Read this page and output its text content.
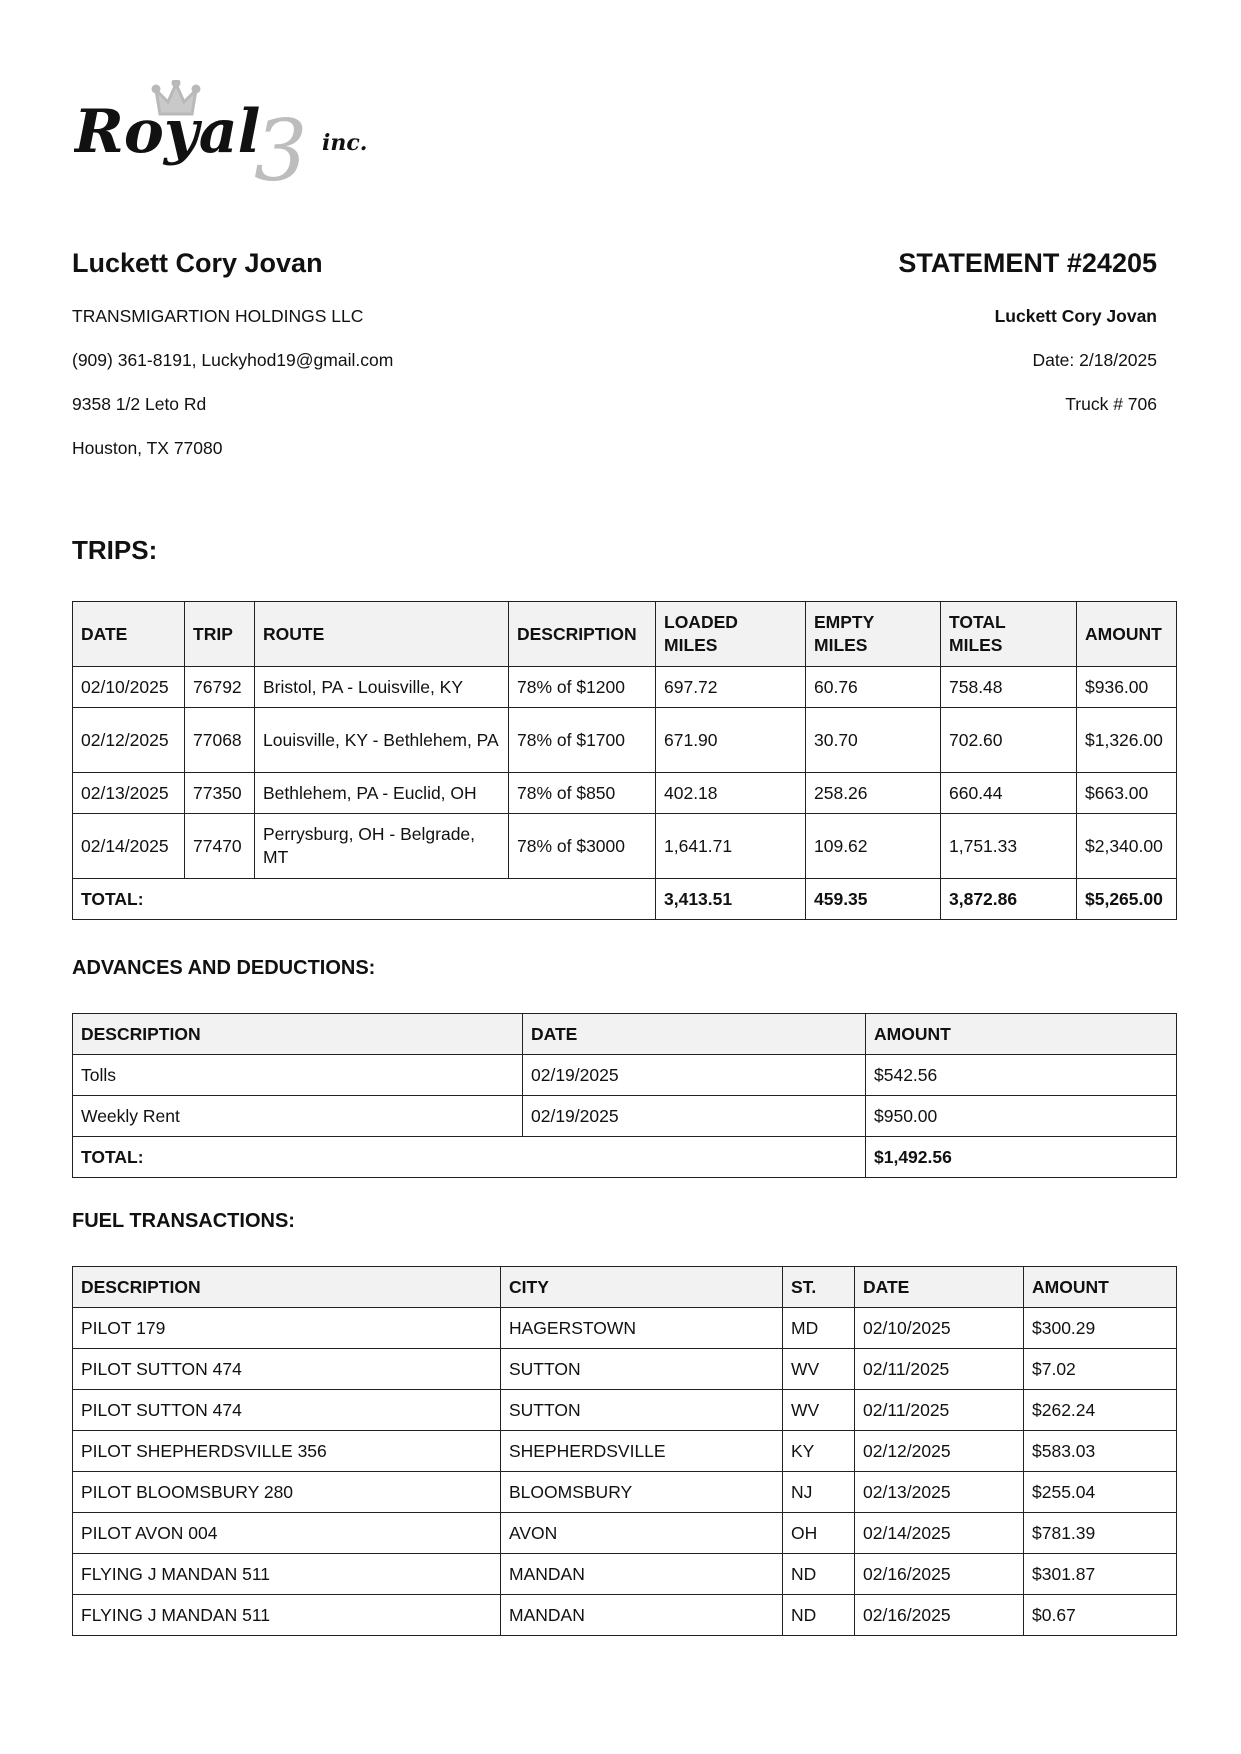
3
Royal	inc.
Luckett Cory Jovan
TRANSMIGARTION HOLDINGS LLC
(909) 361-8191, Luckyhod19@gmail.com
9358 1/2 Leto Rd
Houston, TX 77080
STATEMENT #24205
Luckett Cory Jovan
Date: 2/18/2025
Truck # 706
TRIPS:
DATE	TRIP	ROUTE	DESCRIPTION	LOADED MILES	EMPTY MILES	TOTAL MILES	AMOUNT
02/10/2025	76792	Bristol, PA - Louisville, KY	78% of $1200	697.72	60.76	758.48	$936.00
02/12/2025	77068	Louisville, KY - Bethlehem, PA	78% of $1700	671.90	30.70	702.60	$1,326.00
02/13/2025	77350	Bethlehem, PA - Euclid, OH	78% of $850	402.18	258.26	660.44	$663.00
02/14/2025	77470	Perrysburg, OH - Belgrade, MT	78% of $3000	1,641.71	109.62	1,751.33	$2,340.00
TOTAL:				3,413.51	459.35	3,872.86	$5,265.00
ADVANCES AND DEDUCTIONS:
DESCRIPTION	DATE	AMOUNT
Tolls	02/19/2025	$542.56
Weekly Rent	02/19/2025	$950.00
TOTAL:		$1,492.56
FUEL TRANSACTIONS:
DESCRIPTION	CITY	ST.	DATE	AMOUNT
PILOT 179	HAGERSTOWN	MD	02/10/2025	$300.29
PILOT SUTTON 474	SUTTON	WV	02/11/2025	$7.02
PILOT SUTTON 474	SUTTON	WV	02/11/2025	$262.24
PILOT SHEPHERDSVILLE 356	SHEPHERDSVILLE	KY	02/12/2025	$583.03
PILOT BLOOMSBURY 280	BLOOMSBURY	NJ	02/13/2025	$255.04
PILOT AVON 004	AVON	OH	02/14/2025	$781.39
FLYING J MANDAN 511	MANDAN	ND	02/16/2025	$301.87
FLYING J MANDAN 511	MANDAN	ND	02/16/2025	$0.67
